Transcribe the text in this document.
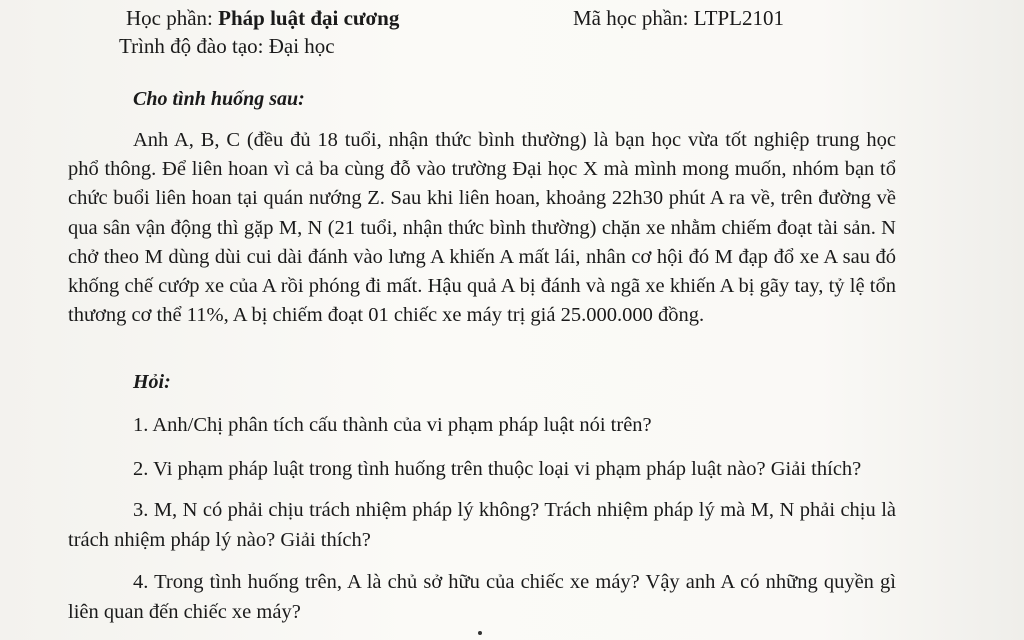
Học phần: Pháp luật đại cương	Mã học phần: LTPL2101
Trình độ đào tạo: Đại học
Cho tình huống sau:
Anh A, B, C (đều đủ 18 tuổi, nhận thức bình thường) là bạn học vừa tốt nghiệp trung học phổ thông. Để liên hoan vì cả ba cùng đỗ vào trường Đại học X mà mình mong muốn, nhóm bạn tổ chức buổi liên hoan tại quán nướng Z. Sau khi liên hoan, khoảng 22h30 phút A ra về, trên đường về qua sân vận động thì gặp M, N (21 tuổi, nhận thức bình thường) chặn xe nhằm chiếm đoạt tài sản. N chở theo M dùng dùi cui dài đánh vào lưng A khiến A mất lái, nhân cơ hội đó M đạp đổ xe A sau đó khống chế cướp xe của A rồi phóng đi mất. Hậu quả A bị đánh và ngã xe khiến A bị gãy tay, tỷ lệ tổn thương cơ thể 11%, A bị chiếm đoạt 01 chiếc xe máy trị giá 25.000.000 đồng.
Hỏi:
1. Anh/Chị phân tích cấu thành của vi phạm pháp luật nói trên?
2. Vi phạm pháp luật trong tình huống trên thuộc loại vi phạm pháp luật nào? Giải thích?
3. M, N có phải chịu trách nhiệm pháp lý không? Trách nhiệm pháp lý mà M, N phải chịu là trách nhiệm pháp lý nào? Giải thích?
4. Trong tình huống trên, A là chủ sở hữu của chiếc xe máy? Vậy anh A có những quyền gì liên quan đến chiếc xe máy?
